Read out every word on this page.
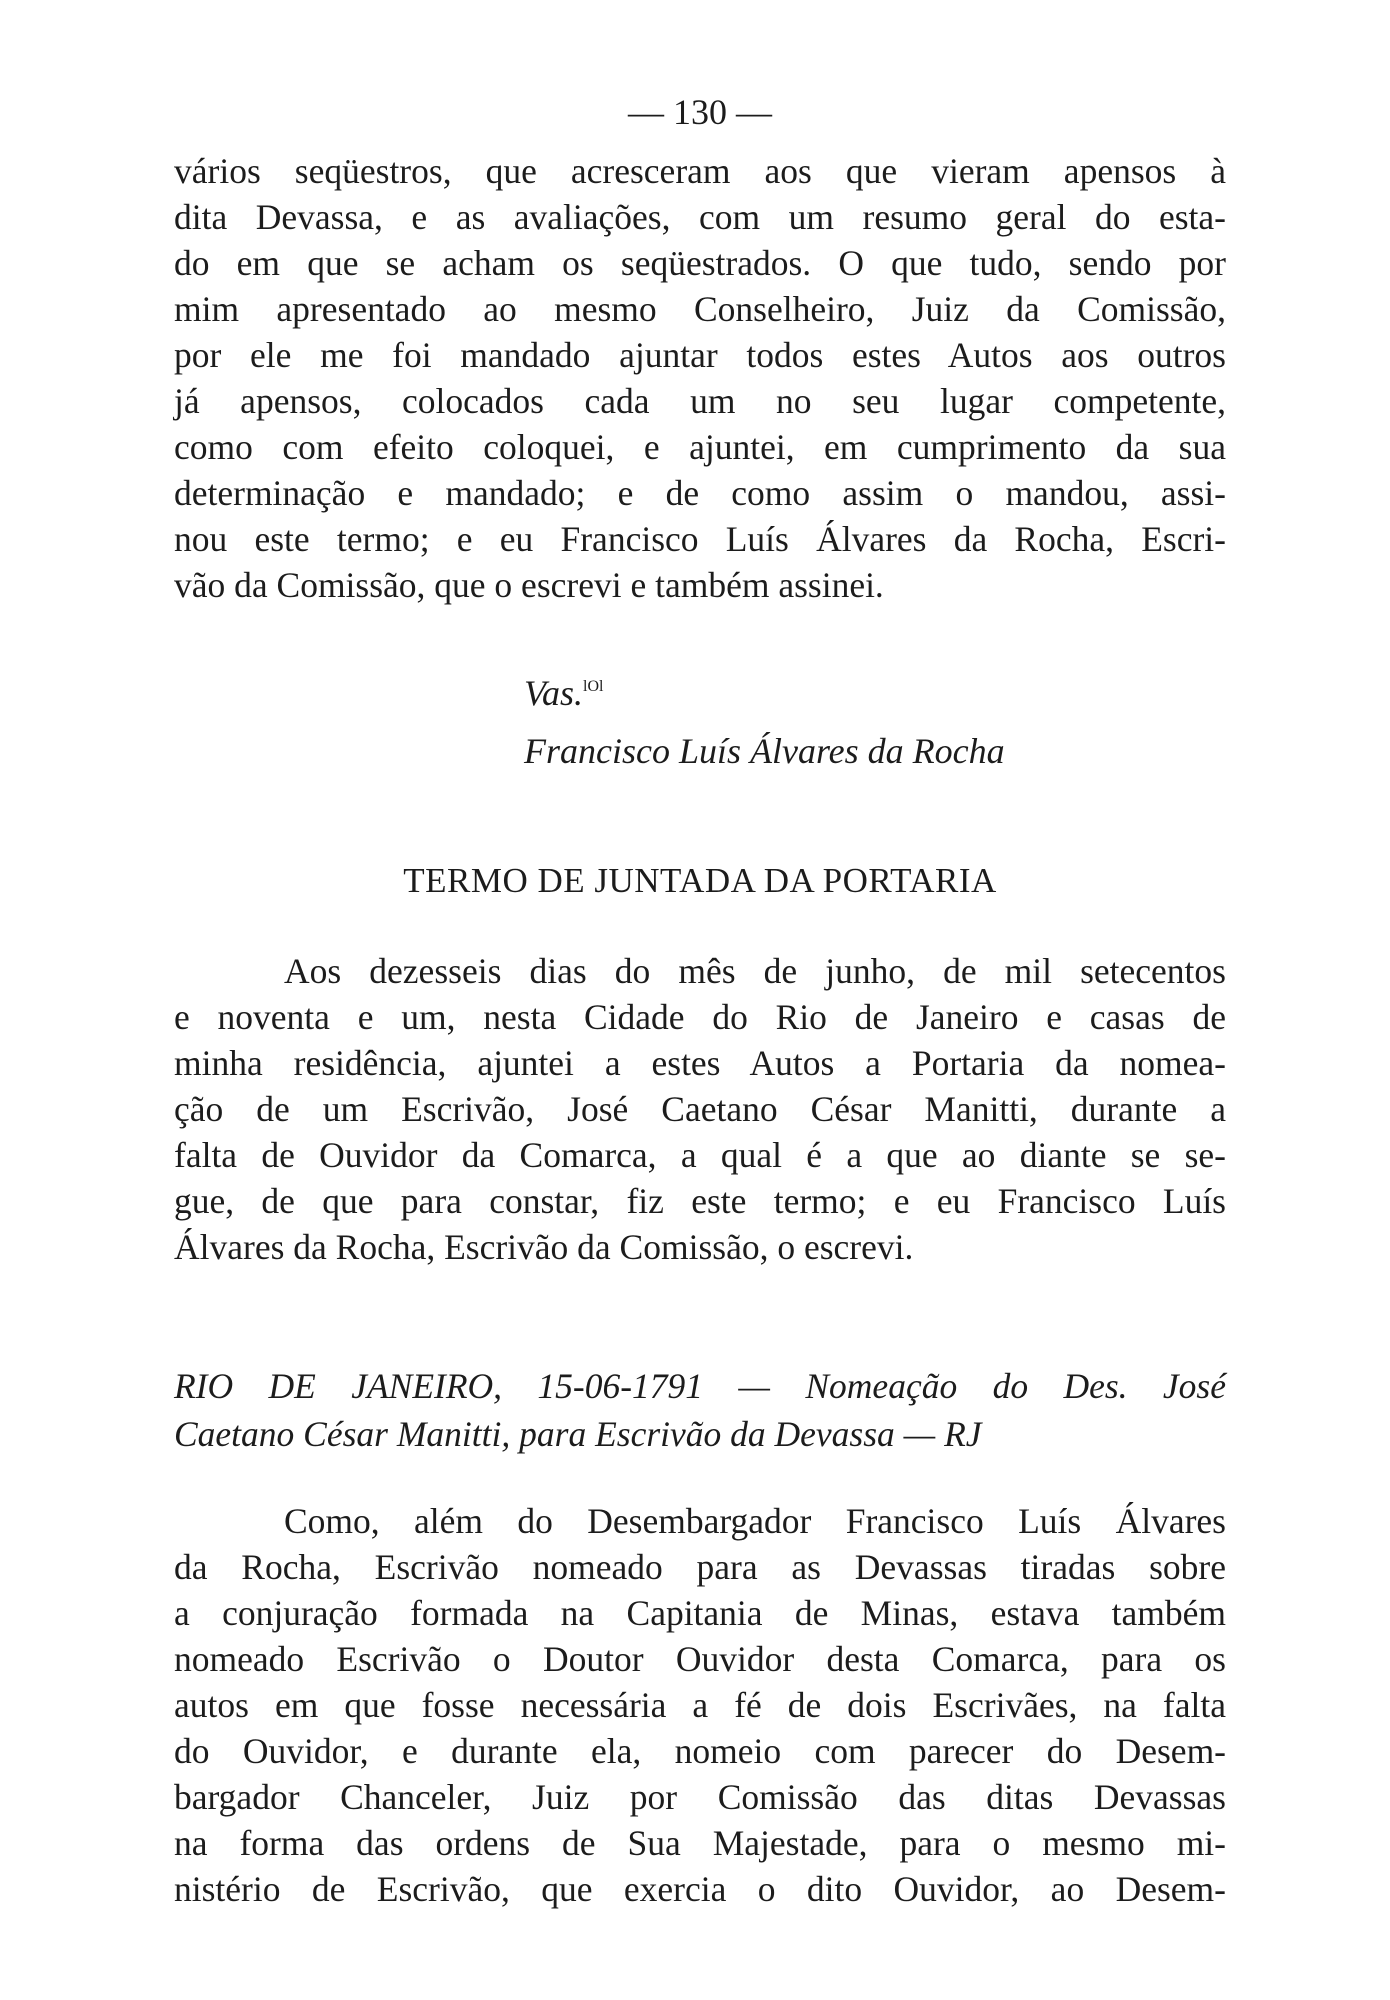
— 130 —
vários seqüestros, que acresceram aos que vieram apensos à
dita Devassa, e as avaliações, com um resumo geral do esta-
do em que se acham os seqüestrados. O que tudo, sendo por
mim apresentado ao mesmo Conselheiro, Juiz da Comissão,
por ele me foi mandado ajuntar todos estes Autos aos outros
já apensos, colocados cada um no seu lugar competente,
como com efeito coloquei, e ajuntei, em cumprimento da sua
determinação e mandado; e de como assim o mandou, assi-
nou este termo; e eu Francisco Luís Álvares da Rocha, Escri-
vão da Comissão, que o escrevi e também assinei.
Vas.$^{lOl}$
Francisco Luís Álvares da Rocha
TERMO DE JUNTADA DA PORTARIA
Aos dezesseis dias do mês de junho, de mil setecentos
e noventa e um, nesta Cidade do Rio de Janeiro e casas de
minha residência, ajuntei a estes Autos a Portaria da nomea-
ção de um Escrivão, José Caetano César Manitti, durante a
falta de Ouvidor da Comarca, a qual é a que ao diante se se-
gue, de que para constar, fiz este termo; e eu Francisco Luís
Álvares da Rocha, Escrivão da Comissão, o escrevi.
RIO DE JANEIRO, 15-06-1791 — Nomeação do Des. José
Caetano César Manitti, para Escrivão da Devassa — RJ
Como, além do Desembargador Francisco Luís Álvares
da Rocha, Escrivão nomeado para as Devassas tiradas sobre
a conjuração formada na Capitania de Minas, estava também
nomeado Escrivão o Doutor Ouvidor desta Comarca, para os
autos em que fosse necessária a fé de dois Escrivães, na falta
do Ouvidor, e durante ela, nomeio com parecer do Desem-
bargador Chanceler, Juiz por Comissão das ditas Devassas
na forma das ordens de Sua Majestade, para o mesmo mi-
nistério de Escrivão, que exercia o dito Ouvidor, ao Desem-
